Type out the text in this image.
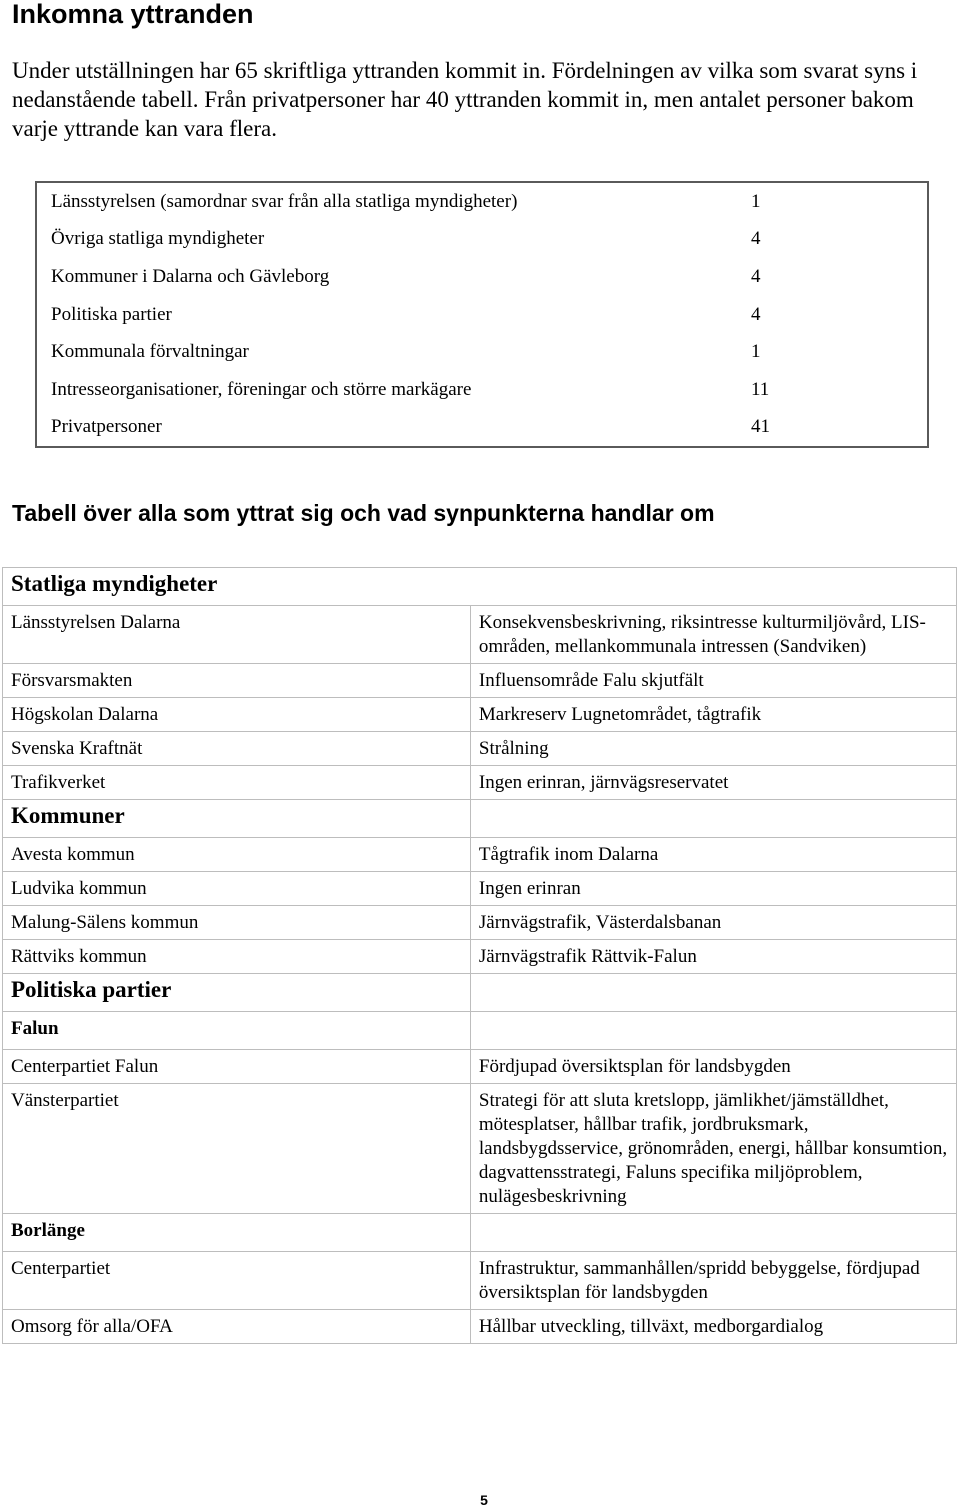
Inkomna yttranden

Under utställningen har 65 skriftliga yttranden kommit in. Fördelningen av vilka som svarat syns i nedanstående tabell. Från privatpersoner har 40 yttranden kommit in, men antalet personer bakom varje yttrande kan vara flera.

Länsstyrelsen (samordnar svar från alla statliga myndigheter)	1
Övriga statliga myndigheter	4
Kommuner i Dalarna och Gävleborg	4
Politiska partier	4
Kommunala förvaltningar	1
Intresseorganisationer, föreningar och större markägare	11
Privatpersoner	41
Tabell över alla som yttrat sig och vad synpunkterna handlar om
Statliga myndigheter	
Länsstyrelsen Dalarna	Konsekvensbeskrivning, riksintresse kulturmiljövård, LIS-områden, mellankommunala intressen (Sandviken)
Försvarsmakten	Influensområde Falu skjutfält
Högskolan Dalarna	Markreserv Lugnetområdet, tågtrafik
Svenska Kraftnät	Strålning
Trafikverket	Ingen erinran, järnvägsreservatet
Kommuner	
Avesta kommun	Tågtrafik inom Dalarna
Ludvika kommun	Ingen erinran
Malung-Sälens kommun	Järnvägstrafik, Västerdalsbanan
Rättviks kommun	Järnvägstrafik Rättvik-Falun
Politiska partier	
Falun	
Centerpartiet Falun	Fördjupad översiktsplan för landsbygden
Vänsterpartiet	Strategi för att sluta kretslopp, jämlikhet/jämställdhet, mötesplatser, hållbar trafik, jordbruksmark, landsbygdsservice, grönområden, energi, hållbar konsumtion, dagvattensstrategi, Faluns specifika miljöproblem, nulägesbeskrivning
Borlänge	
Centerpartiet	Infrastruktur, sammanhållen/spridd bebyggelse, fördjupad översiktsplan för landsbygden
Omsorg för alla/OFA	Hållbar utveckling, tillväxt, medborgardialog
5
